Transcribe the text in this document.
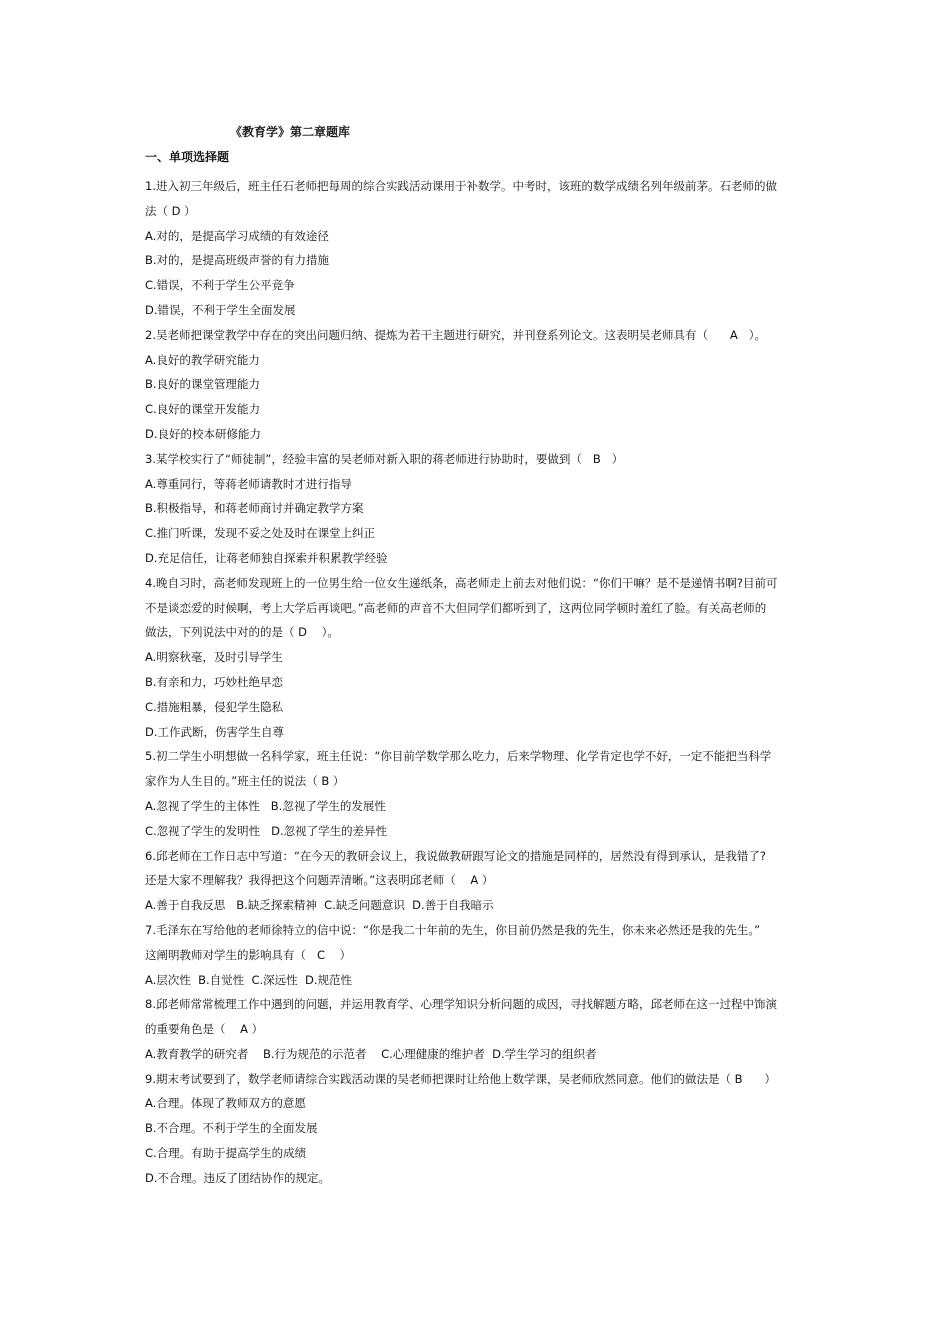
《教育学》第二章题库
一、单项选择题
1.进入初三年级后，班主任石老师把每周的综合实践活动课用于补数学。中考时，该班的数学成绩名列年级前茅。石老师的做
法（ D ）
A.对的，是提高学习成绩的有效途径
B.对的，是提高班级声誉的有力措施
C.错误，不利于学生公平竞争
D.错误，不利于学生全面发展
2.吴老师把课堂教学中存在的突出问题归纳、提炼为若干主题进行研究，并刊登系列论文。这表明吴老师具有（      A   ）。
A.良好的教学研究能力
B.良好的课堂管理能力
C.良好的课堂开发能力
D.良好的校本研修能力
3.某学校实行了“师徒制”，经验丰富的吴老师对新入职的蒋老师进行协助时，要做到（   B   ）
A.尊重同行，等蒋老师请教时才进行指导
B.积极指导，和蒋老师商讨并确定教学方案
C.推门听课，发现不妥之处及时在课堂上纠正
D.充足信任，让蒋老师独自探索并积累教学经验
4.晚自习时，高老师发现班上的一位男生给一位女生递纸条，高老师走上前去对他们说：“你们干嘛？是不是递情书啊?目前可
不是谈恋爱的时候啊，考上大学后再谈吧。”高老师的声音不大但同学们都听到了，这两位同学顿时羞红了脸。有关高老师的
做法，下列说法中对的的是（ D    ）。
A.明察秋毫，及时引导学生
B.有亲和力，巧妙杜绝早恋
C.措施粗暴，侵犯学生隐私
D.工作武断，伤害学生自尊
5.初二学生小明想做一名科学家，班主任说：“你目前学数学那么吃力，后来学物理、化学肯定也学不好，一定不能把当科学
家作为人生目的。”班主任的说法（ B ）
A.忽视了学生的主体性   B.忽视了学生的发展性
C.忽视了学生的发明性   D.忽视了学生的差异性
6.邱老师在工作日志中写道：“在今天的教研会议上，我说做教研跟写论文的措施是同样的，居然没有得到承认，是我错了?
还是大家不理解我？我得把这个问题弄清晰。”这表明邱老师（    A ）
A.善于自我反思   B.缺乏探索精神  C.缺乏问题意识  D.善于自我暗示
7.毛泽东在写给他的老师徐特立的信中说：“你是我二十年前的先生，你目前仍然是我的先生，你未来必然还是我的先生。”
这阐明教师对学生的影响具有（   C    ）
A.层次性  B.自觉性  C.深远性  D.规范性
8.邱老师常常梳理工作中遇到的问题，并运用教育学、心理学知识分析问题的成因，寻找解题方略，邱老师在这一过程中饰演
的重要角色是（    A ）
A.教育教学的研究者    B.行为规范的示范者    C.心理健康的维护者  D.学生学习的组织者
9.期末考试要到了，数学老师请综合实践活动课的吴老师把课时让给他上数学课，吴老师欣然同意。他们的做法是（ B      ）
A.合理。体现了教师双方的意愿
B.不合理。不利于学生的全面发展
C.合理。有助于提高学生的成绩
D.不合理。违反了团结协作的规定。
